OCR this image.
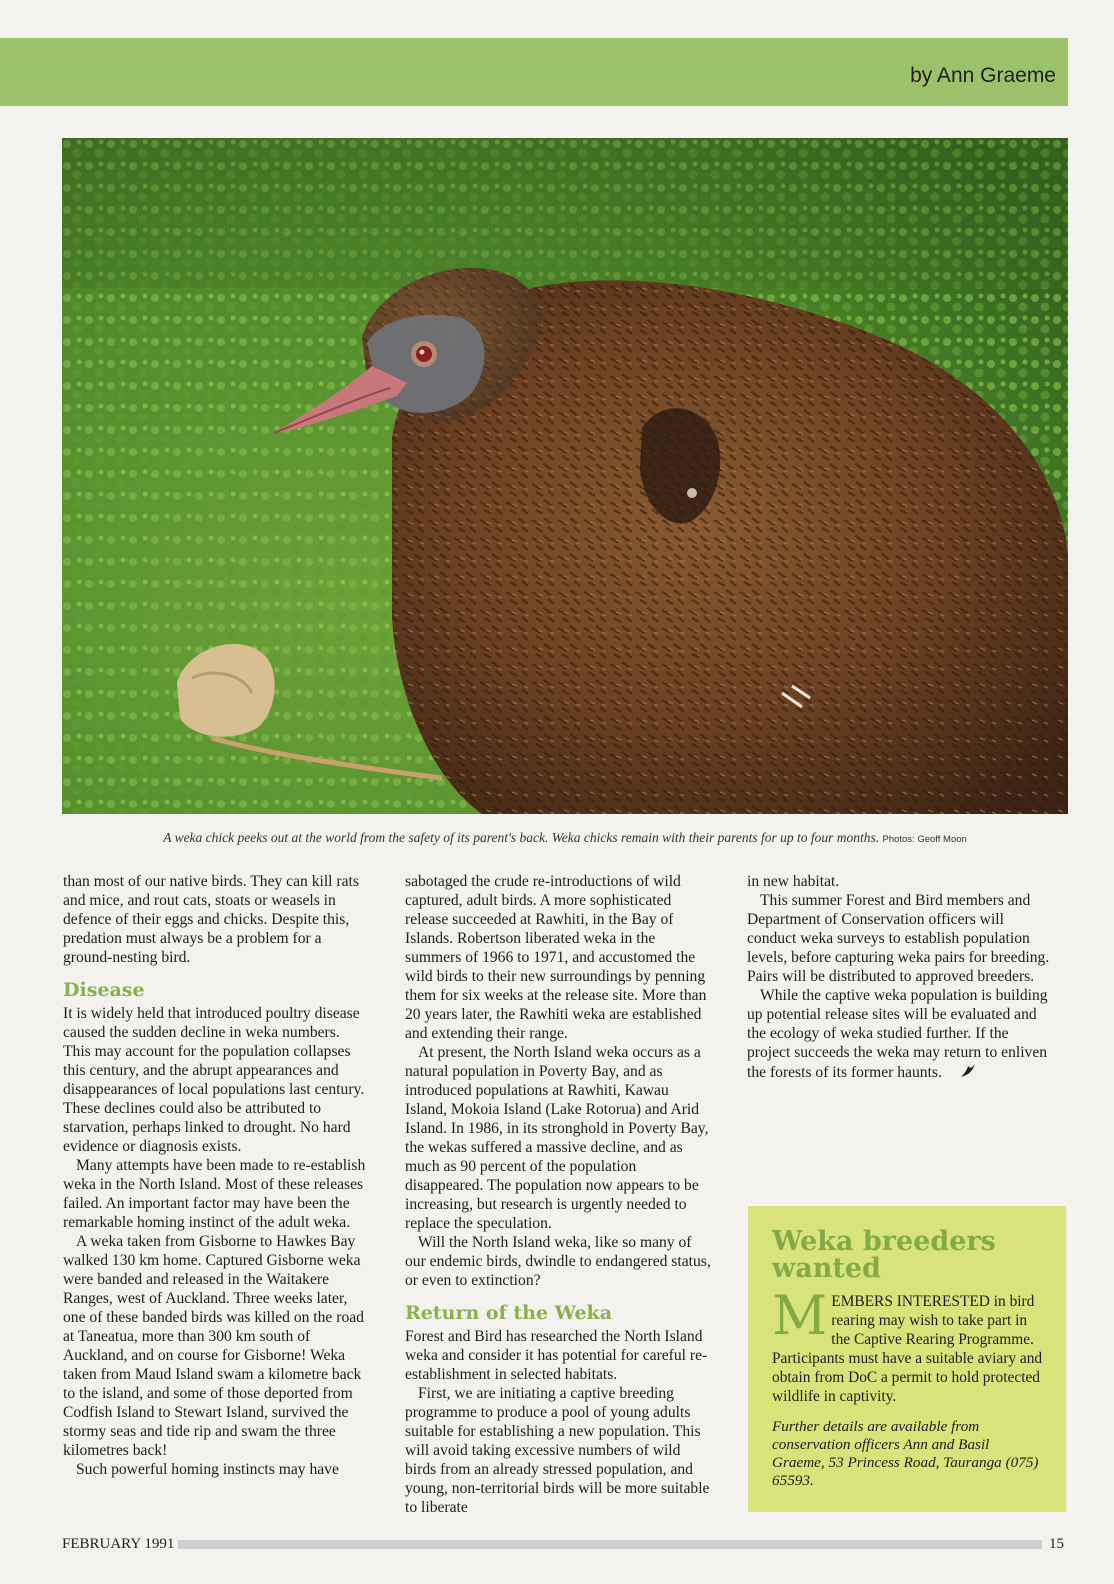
by Ann Graeme
A weka chick peeks out at the world from the safety of its parent's back. Weka chicks remain with their parents for up to four months. Photos: Geoff Moon

than most of our native birds. They can kill rats and mice, and rout cats, stoats or weasels in defence of their eggs and chicks. Despite this, predation must always be a problem for a ground-nesting bird.

Disease

It is widely held that introduced poultry disease caused the sudden decline in weka numbers. This may account for the population collapses this century, and the abrupt appearances and disappearances of local populations last century. These declines could also be attributed to starvation, perhaps linked to drought. No hard evidence or diagnosis exists.

Many attempts have been made to re-establish weka in the North Island. Most of these releases failed. An important factor may have been the remarkable homing instinct of the adult weka.

A weka taken from Gisborne to Hawkes Bay walked 130 km home. Captured Gisborne weka were banded and released in the Waitakere Ranges, west of Auckland. Three weeks later, one of these banded birds was killed on the road at Taneatua, more than 300 km south of Auckland, and on course for Gisborne! Weka taken from Maud Island swam a kilometre back to the island, and some of those deported from Codfish Island to Stewart Island, survived the stormy seas and tide rip and swam the three kilometres back!

Such powerful homing instincts may have

sabotaged the crude re-introductions of wild captured, adult birds. A more sophisticated release succeeded at Rawhiti, in the Bay of Islands. Robertson liberated weka in the summers of 1966 to 1971, and accustomed the wild birds to their new surroundings by penning them for six weeks at the release site. More than 20 years later, the Rawhiti weka are established and extending their range.

At present, the North Island weka occurs as a natural population in Poverty Bay, and as introduced populations at Rawhiti, Kawau Island, Mokoia Island (Lake Rotorua) and Arid Island. In 1986, in its stronghold in Poverty Bay, the wekas suffered a massive decline, and as much as 90 percent of the population disappeared. The population now appears to be increasing, but research is urgently needed to replace the speculation.

Will the North Island weka, like so many of our endemic birds, dwindle to endangered status, or even to extinction?

Return of the Weka

Forest and Bird has researched the North Island weka and consider it has potential for careful re-establishment in selected habitats.

First, we are initiating a captive breeding programme to produce a pool of young adults suitable for establishing a new population. This will avoid taking excessive numbers of wild birds from an already stressed population, and young, non-territorial birds will be more suitable to liberate

in new habitat.

This summer Forest and Bird members and Department of Conservation officers will conduct weka surveys to establish population levels, before capturing weka pairs for breeding. Pairs will be distributed to approved breeders.

While the captive weka population is building up potential release sites will be evaluated and the ecology of weka studied further. If the project succeeds the weka may return to enliven the forests of its former haunts.

Weka breeders wanted

MEMBERS INTERESTED in bird rearing may wish to take part in the Captive Rearing Programme. Participants must have a suitable aviary and obtain from DoC a permit to hold protected wildlife in captivity.

Further details are available from conservation officers Ann and Basil Graeme, 53 Princess Road, Tauranga (075) 65593.

FEBRUARY 1991	15
